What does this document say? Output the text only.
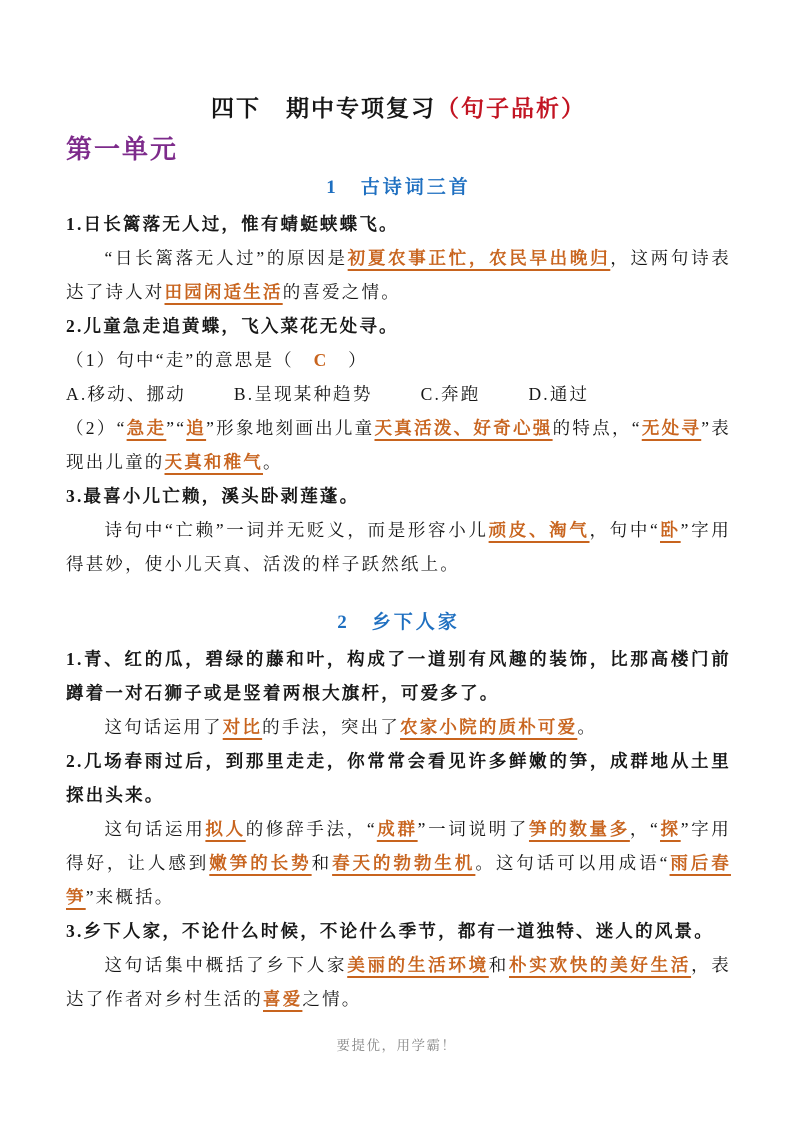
四下　期中专项复习（句子品析）
第一单元
1　古诗词三首

1.日长篱落无人过，惟有蜻蜓蛱蝶飞。

“日长篱落无人过”的原因是初夏农事正忙，农民早出晚归，这两句诗表达了诗人对田园闲适生活的喜爱之情。

2.儿童急走追黄蝶，飞入菜花无处寻。

（1）句中“走”的意思是（　C　）

A.移动、挪动	B.呈现某种趋势	C.奔跑	D.通过

（2）“急走”“追”形象地刻画出儿童天真活泼、好奇心强的特点，“无处寻”表现出儿童的天真和稚气。

3.最喜小儿亡赖，溪头卧剥莲蓬。

诗句中“亡赖”一词并无贬义，而是形容小儿顽皮、淘气，句中“卧”字用得甚妙，使小儿天真、活泼的样子跃然纸上。

2　乡下人家

1.青、红的瓜，碧绿的藤和叶，构成了一道别有风趣的装饰，比那高楼门前蹲着一对石狮子或是竖着两根大旗杆，可爱多了。

这句话运用了对比的手法，突出了农家小院的质朴可爱。

2.几场春雨过后，到那里走走，你常常会看见许多鲜嫩的笋，成群地从土里探出头来。

这句话运用拟人的修辞手法，“成群”一词说明了笋的数量多，“探”字用得好，让人感到嫩笋的长势和春天的勃勃生机。这句话可以用成语“雨后春笋”来概括。

3.乡下人家，不论什么时候，不论什么季节，都有一道独特、迷人的风景。

这句话集中概括了乡下人家美丽的生活环境和朴实欢快的美好生活，表达了作者对乡村生活的喜爱之情。

要提优，用学霸！
